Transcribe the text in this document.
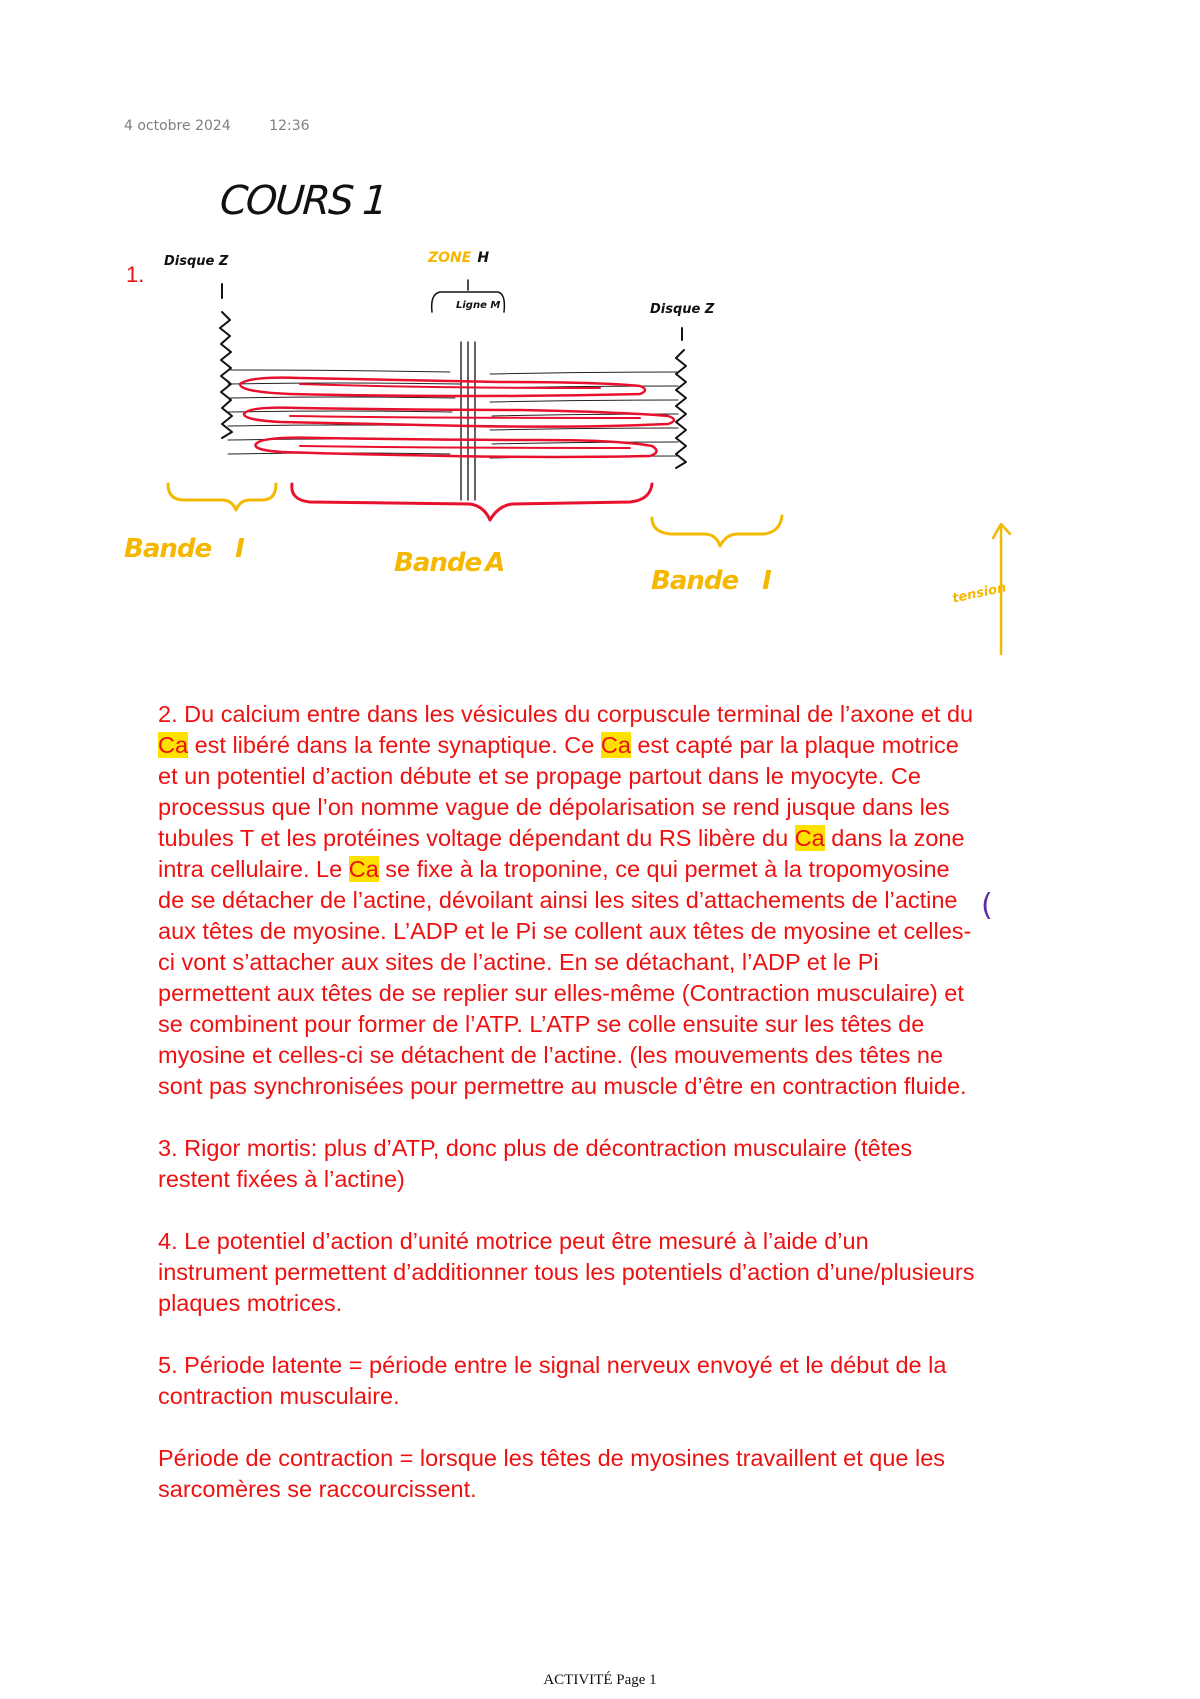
4 octobre 2024	12:36
COURS 1
1.
Disque Z
Disque Z
ZONE H
Ligne M
Bande I	Bande A
Bande I	tension

2. Du calcium entre dans les vésicules du corpuscule terminal de l’axone et du Ca est libéré dans la fente synaptique. Ce Ca est capté par la plaque motrice et un potentiel d’action débute et se propage partout dans le myocyte. Ce processus que l’on nomme vague de dépolarisation se rend jusque dans les tubules T et les protéines voltage dépendant du RS libère du Ca dans la zone intra cellulaire. Le Ca se fixe à la troponine, ce qui permet à la tropomyosine de se détacher de l’actine, dévoilant ainsi les sites d’attachements de l’actine aux têtes de myosine. L’ADP et le Pi se collent aux têtes de myosine et celles-ci vont s’attacher aux sites de l’actine. En se détachant, l’ADP et le Pi permettent aux têtes de se replier sur elles-même (Contraction musculaire) et se combinent pour former de l’ATP. L’ATP se colle ensuite sur les têtes de myosine et celles-ci se détachent de l’actine. (les mouvements des têtes ne sont pas synchronisées pour permettre au muscle d’être en contraction fluide.

3. Rigor mortis: plus d’ATP, donc plus de décontraction musculaire (têtes restent fixées à l’actine)

4. Le potentiel d’action d’unité motrice peut être mesuré à l’aide d’un instrument permettent d’additionner tous les potentiels d’action d’une/plusieurs plaques motrices.

5. Période latente = période entre le signal nerveux envoyé et le début de la contraction musculaire.

Période de contraction = lorsque les têtes de myosines travaillent et que les sarcomères se raccourcissent.

(
ACTIVITÉ Page 1
